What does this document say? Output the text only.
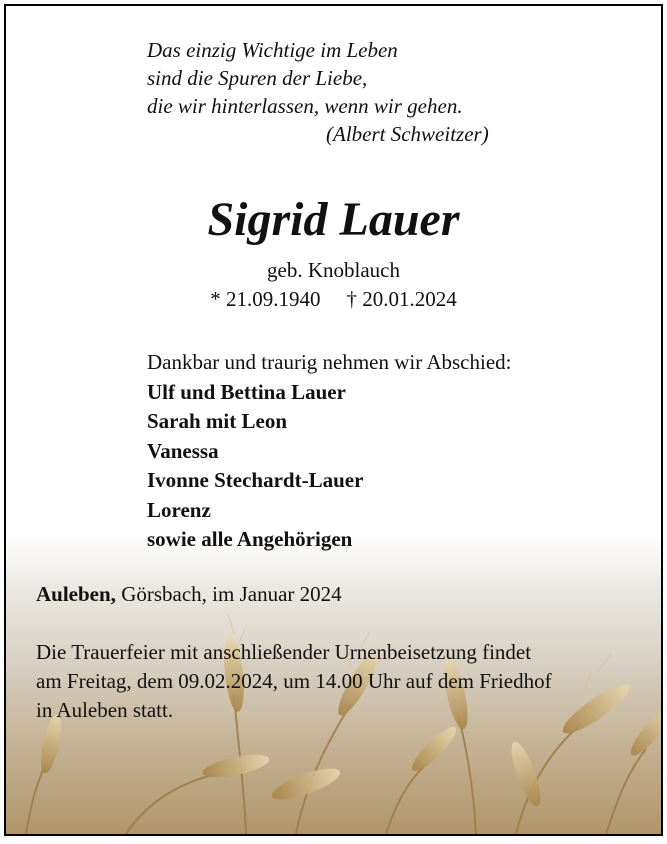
Das einzig Wichtige im Leben
sind die Spuren der Liebe,
die wir hinterlassen, wenn wir gehen.
(Albert Schweitzer)
Sigrid Lauer
geb. Knoblauch
* 21.09.1940 † 20.01.2024
Dankbar und traurig nehmen wir Abschied:
Ulf und Bettina Lauer
Sarah mit Leon
Vanessa
Ivonne Stechardt-Lauer
Lorenz
sowie alle Angehörigen
Auleben, Görsbach, im Januar 2024
Die Trauerfeier mit anschließender Urnenbeisetzung findet
am Freitag, dem 09.02.2024, um 14.00 Uhr auf dem Friedhof
in Auleben statt.
